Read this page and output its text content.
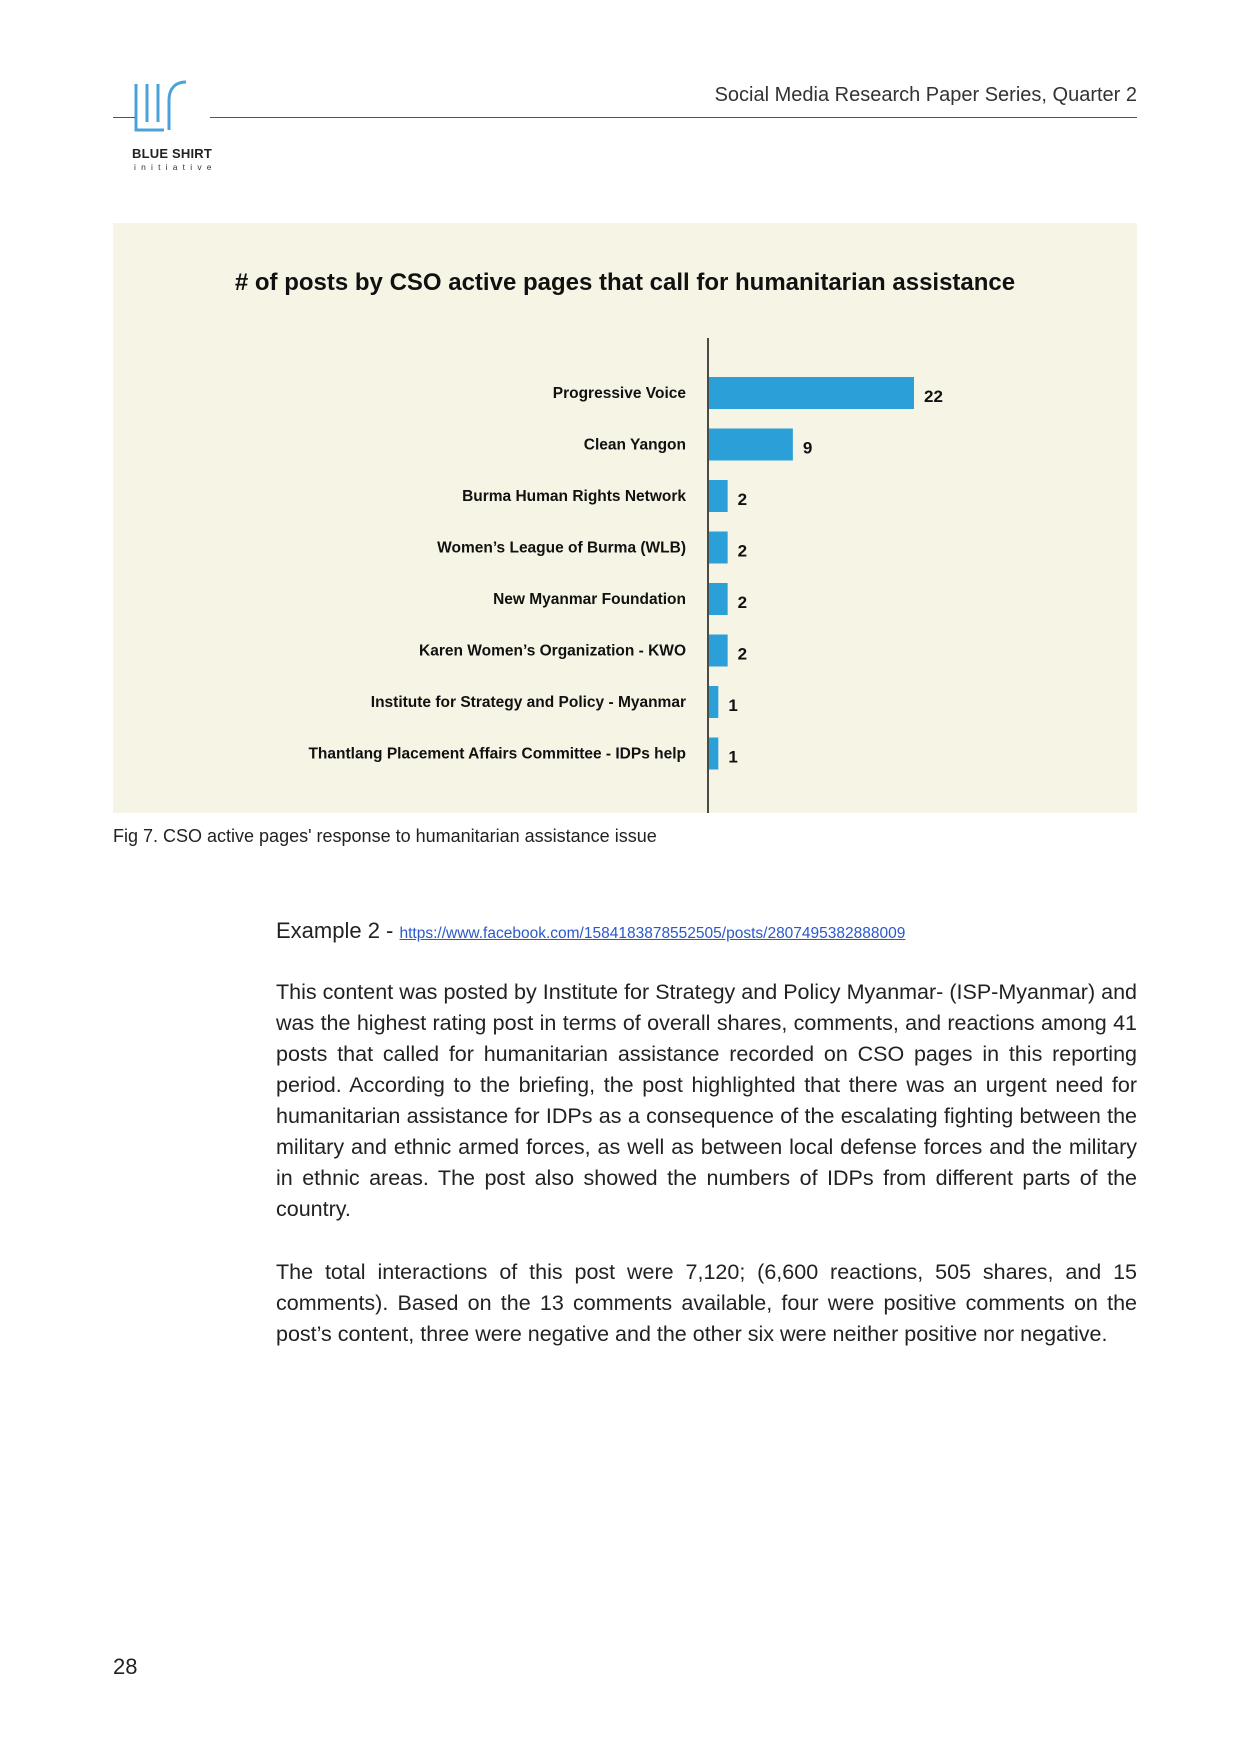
BLUE SHIRT
initiative
Social Media Research Paper Series, Quarter 2
Progressive Voice	22
Clean Yangon	9
Burma Human Rights Network	2
Women’s League of Burma (WLB)	2
New Myanmar Foundation	2
Karen Women’s Organization - KWO	2
Institute for Strategy and Policy - Myanmar 1
Thantlang Placement Affairs Committee - IDPs help 1
# of posts by CSO active pages that call for humanitarian assistance
Fig 7. CSO active pages' response to humanitarian assistance issue
Example 2 - https://www.facebook.com/1584183878552505/posts/2807495382888009

This content was posted by Institute for Strategy and Policy Myanmar- (ISP-Myanmar) and was the highest rating post in terms of overall shares, comments, and reactions among 41 posts that called for humanitarian assistance recorded on CSO pages in this reporting period. According to the briefing, the post highlighted that there was an urgent need for humanitarian assistance for IDPs as a consequence of the escalating fighting between the military and ethnic armed forces, as well as between local defense forces and the military in ethnic areas. The post also showed the numbers of IDPs from different parts of the country.

The total interactions of this post were 7,120; (6,600 reactions, 505 shares, and 15 comments). Based on the 13 comments available, four were positive comments on the post’s content, three were negative and the other six were neither positive nor negative.

28
